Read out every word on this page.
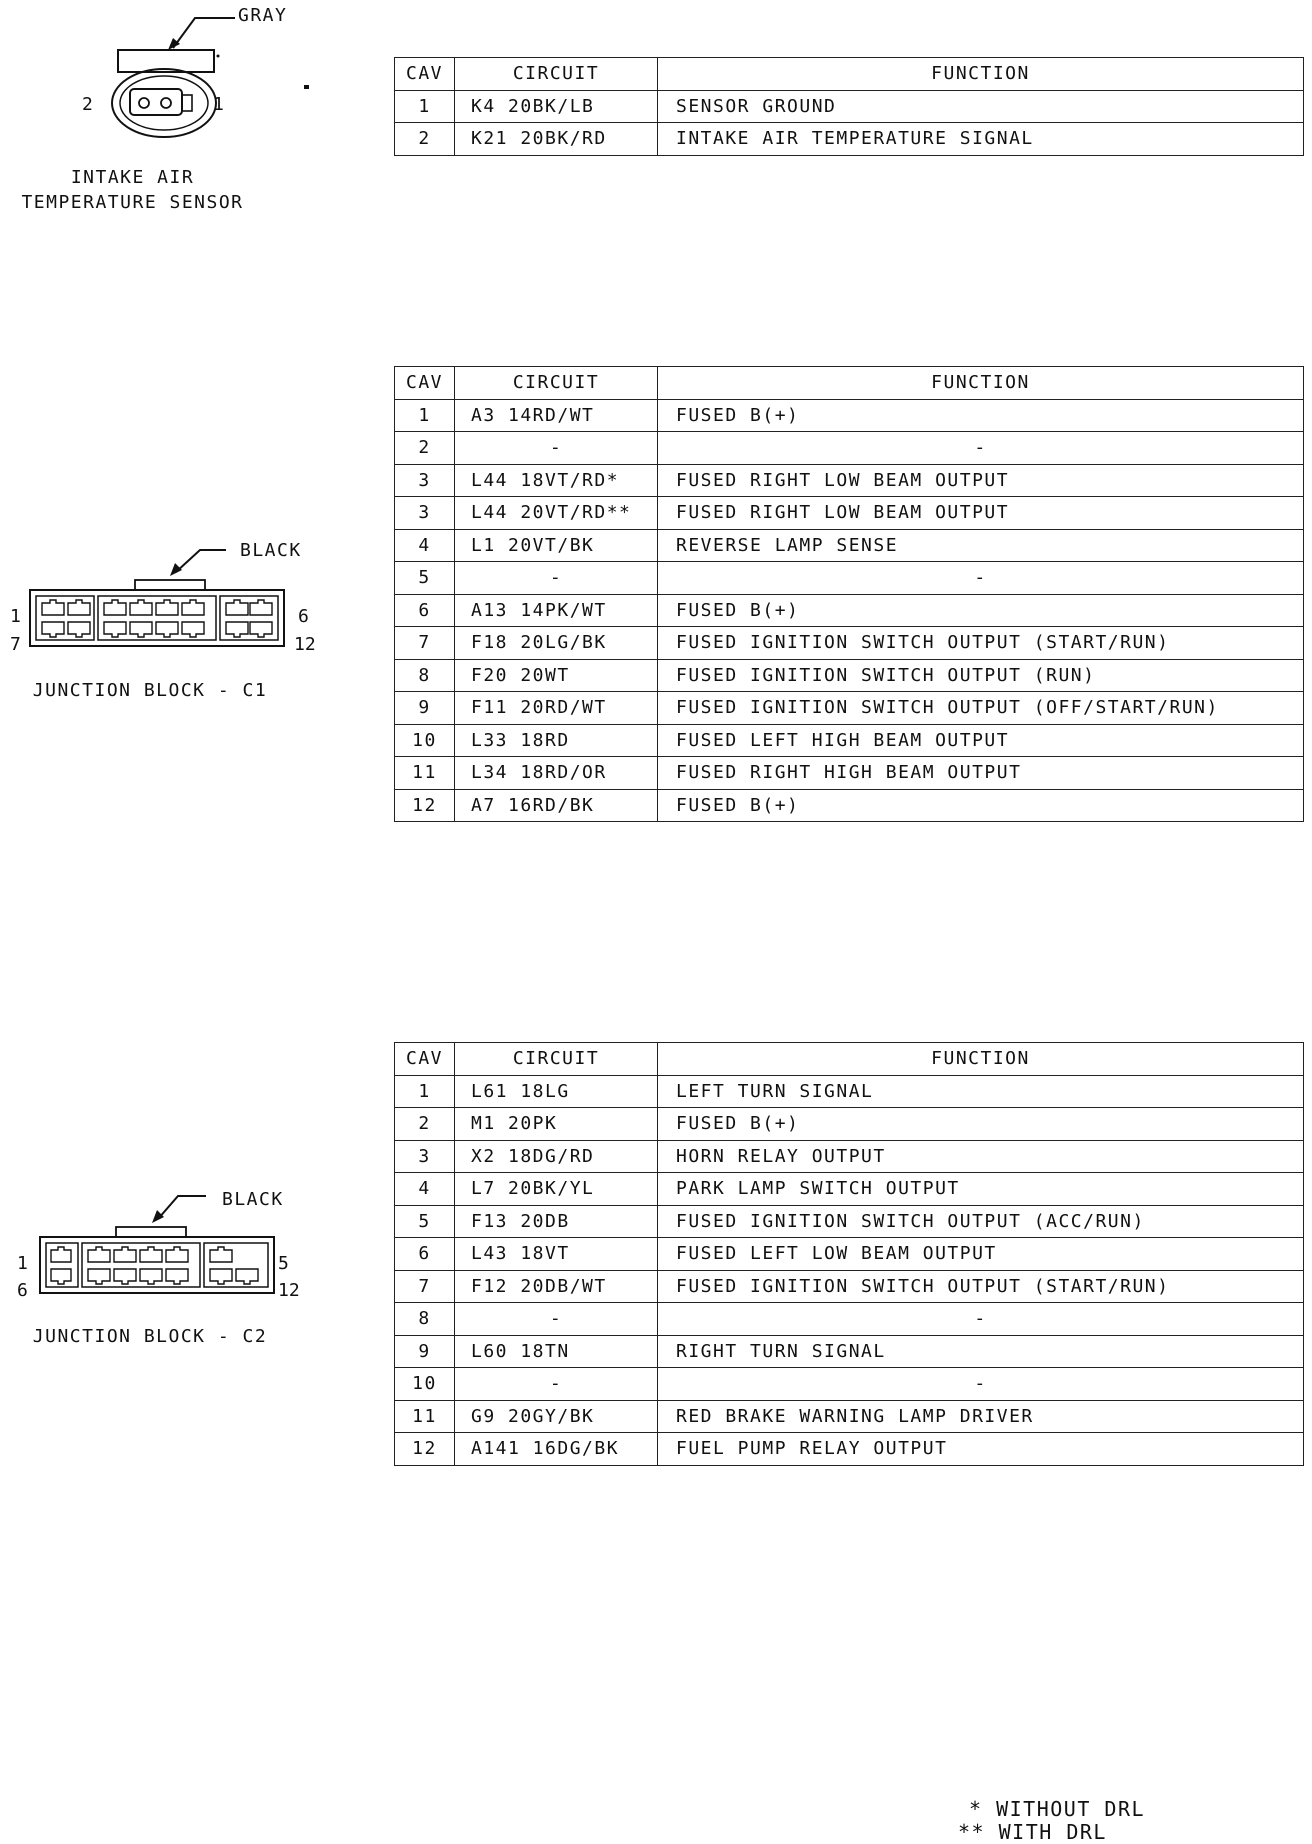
GRAY
2	1
INTAKE AIR
TEMPERATURE SENSOR
CAV	CIRCUIT	FUNCTION
1	K4 20BK/LB	SENSOR GROUND
2	K21 20BK/RD	INTAKE AIR TEMPERATURE SIGNAL
BLACK
1	6
7	12
JUNCTION BLOCK - C1
CAV	CIRCUIT	FUNCTION
1	A3 14RD/WT	FUSED B(+)
2	-	-
3	L44 18VT/RD*	FUSED RIGHT LOW BEAM OUTPUT
3	L44 20VT/RD**	FUSED RIGHT LOW BEAM OUTPUT
4	L1 20VT/BK	REVERSE LAMP SENSE
5	-	-
6	A13 14PK/WT	FUSED B(+)
7	F18 20LG/BK	FUSED IGNITION SWITCH OUTPUT (START/RUN)
8	F20 20WT	FUSED IGNITION SWITCH OUTPUT (RUN)
9	F11 20RD/WT	FUSED IGNITION SWITCH OUTPUT (OFF/START/RUN)
10	L33 18RD	FUSED LEFT HIGH BEAM OUTPUT
11	L34 18RD/OR	FUSED RIGHT HIGH BEAM OUTPUT
12	A7 16RD/BK	FUSED B(+)
BLACK
1	5
6	12
JUNCTION BLOCK - C2
CAV	CIRCUIT	FUNCTION
1	L61 18LG	LEFT TURN SIGNAL
2	M1 20PK	FUSED B(+)
3	X2 18DG/RD	HORN RELAY OUTPUT
4	L7 20BK/YL	PARK LAMP SWITCH OUTPUT
5	F13 20DB	FUSED IGNITION SWITCH OUTPUT (ACC/RUN)
6	L43 18VT	FUSED LEFT LOW BEAM OUTPUT
7	F12 20DB/WT	FUSED IGNITION SWITCH OUTPUT (START/RUN)
8	-	-
9	L60 18TN	RIGHT TURN SIGNAL
10	-	-
11	G9 20GY/BK	RED BRAKE WARNING LAMP DRIVER
12	A141 16DG/BK	FUEL PUMP RELAY OUTPUT
* WITHOUT DRL
** WITH DRL
